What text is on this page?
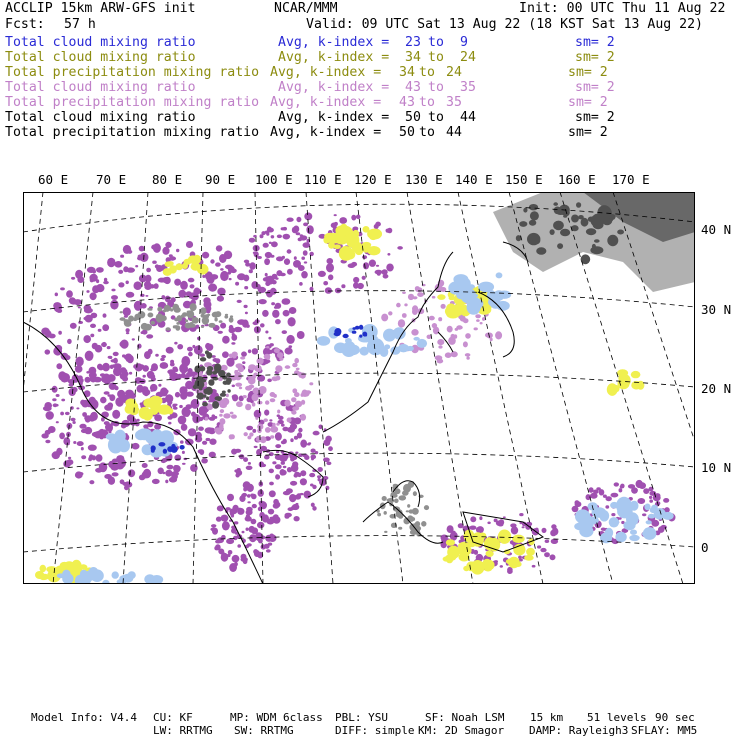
ACCLIP 15km ARW-GFS init	NCAR/MMM	Init: 00 UTC Thu 11 Aug 22
Fcst: 57 h	Valid: 09 UTC Sat 13 Aug 22 (18 KST Sat 13 Aug 22)
Total cloud mixing ratio	Avg, k-index = 23 to 9	sm= 2
Total cloud mixing ratio	Avg, k-index = 34 to 24	sm= 2
Total precipitation mixing ratio Avg, k-index = 34 to 24	sm= 2
Total cloud mixing ratio	Avg, k-index = 43 to 35	sm= 2
Total precipitation mixing ratio Avg, k-index = 43 to 35	sm= 2
Total cloud mixing ratio	Avg, k-index = 50 to 44	sm= 2
Total precipitation mixing ratio Avg, k-index = 50 to 44	sm= 2
60 E 70 E 80 E 90 E 100 E 110 E 120 E 130 E 140 E 150 E 160 E 170 E
40 N
30 N
20 N
10 N
0
Model Info: V4.4 CU: KF	MP: WDM 6class PBL: YSU	SF: Noah LSM 15 km 51 levels 90 sec
LW: RRTMG SW: RRTMG	DIFF: simple KM: 2D Smagor DAMP: Rayleigh3 SFLAY: MM5
